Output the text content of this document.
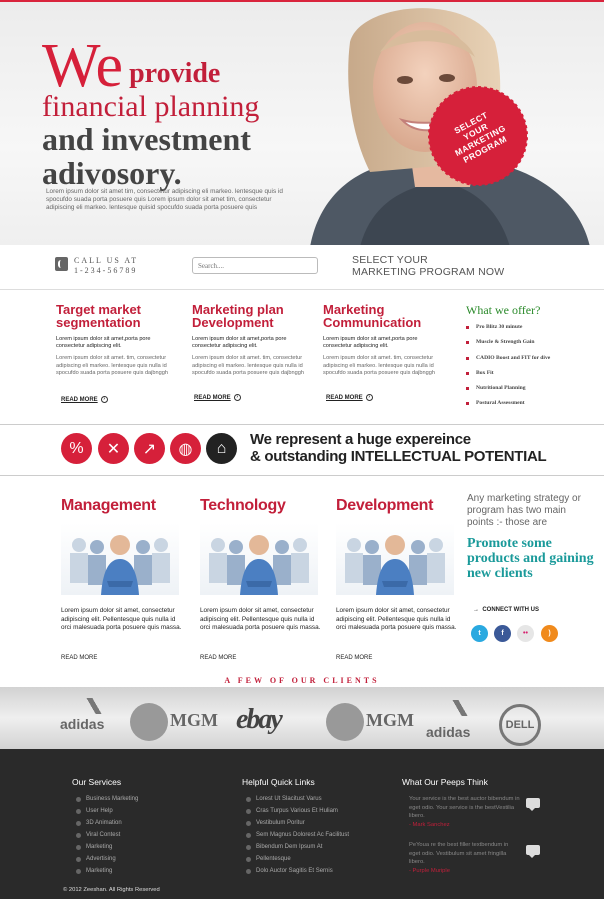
We provide
financial planning
and investment
adivosory.
Lorem ipsum dolor sit amet tim, consectetur adipiscing eli markeo. lentesque quis id spocufdo suada porta posuere quis Lorem ipsum dolor sit amet tim, consectetur adipiscing eli markeo. lentesque quisid spocufdo suada porta posuere quis
SELECT YOUR MARKETING PROGRAM
CALL US AT
1-234-56789
Search....
SELECT YOUR
MARKETING PROGRAM NOW
Target market segmentation
Lorem ipsum dolor sit amet,porta pore consectetur adipiscing elit.
Lorem ipsum dolor sit amet. tim, consectetur adipiscing eli markeo. lentesque quis nulla id spocufdo suada porta posuere quis dajbnggh
READ MORE ›
Marketing plan Development
Lorem ipsum dolor sit amet,porta pore consectetur adipiscing elit.
Lorem ipsum dolor sit amet. tim, consectetur adipiscing eli markeo. lentesque quis nulla id spocufdo suada porta posuere quis dajbnggh
READ MORE ›
Marketing Communication
Lorem ipsum dolor sit amet,porta pore consectetur adipiscing elit.
Lorem ipsum dolor sit amet. tim, consectetur adipiscing eli markeo. lentesque quis nulla id spocufdo suada porta posuere quis dajbnggh
READ MORE ›
What we offer?
Pro Blitz 30 minute
Muscle & Strength Gain
CADIO Boost and FIT for dive
Box Fit
Nutritional Planning
Postural Assessment
%	✕	↗	◍	⌂	We represent a huge expereince
& outstanding INTELLECTUAL POTENTIAL
Management

Lorem ipsum dolor sit amet, consectetur adipiscing elit. Pellentesque quis nulla id orci malesuada porta posuere quis massa.

READ MORE
Technology

Lorem ipsum dolor sit amet, consectetur adipiscing elit. Pellentesque quis nulla id orci malesuada porta posuere quis massa.

READ MORE
Development

Lorem ipsum dolor sit amet, consectetur adipiscing elit. Pellentesque quis nulla id orci malesuada porta posuere quis massa.

READ MORE
Any marketing strategy or program has two main points :- those are
Promote some products and gaining new clients
→  CONNECT WITH US
t	f	••	)
A FEW OF OUR CLIENTS
adidas	MGM ebay	MGM
adidas	DELL
Our Services
Business Marketing
User Help
3D Animation
Viral Contest
Marketing
Advertising
Marketing
Helpful Quick Links
Lorest Ut Slacitust Varus
Cras Turpus Various Et Huliam
Vestibulum Poritur
Sem Magnus Dolorest Ac Facilitust
Bibendum Dem Ipsum At
Pellentesque
Dolo Auctor Sagitis Et Sernis
What Our Peeps Think
Your service is the best auctor bibendum in eget odio. Your service is the bestVestilia libero.
- Mark Sanchez
PeYoua re the best filler textbendum in eget odio. Vestibulum sit amet fringilla libero.
- Purple Muriple
© 2012 Zeeshan. All Rights Reserved
